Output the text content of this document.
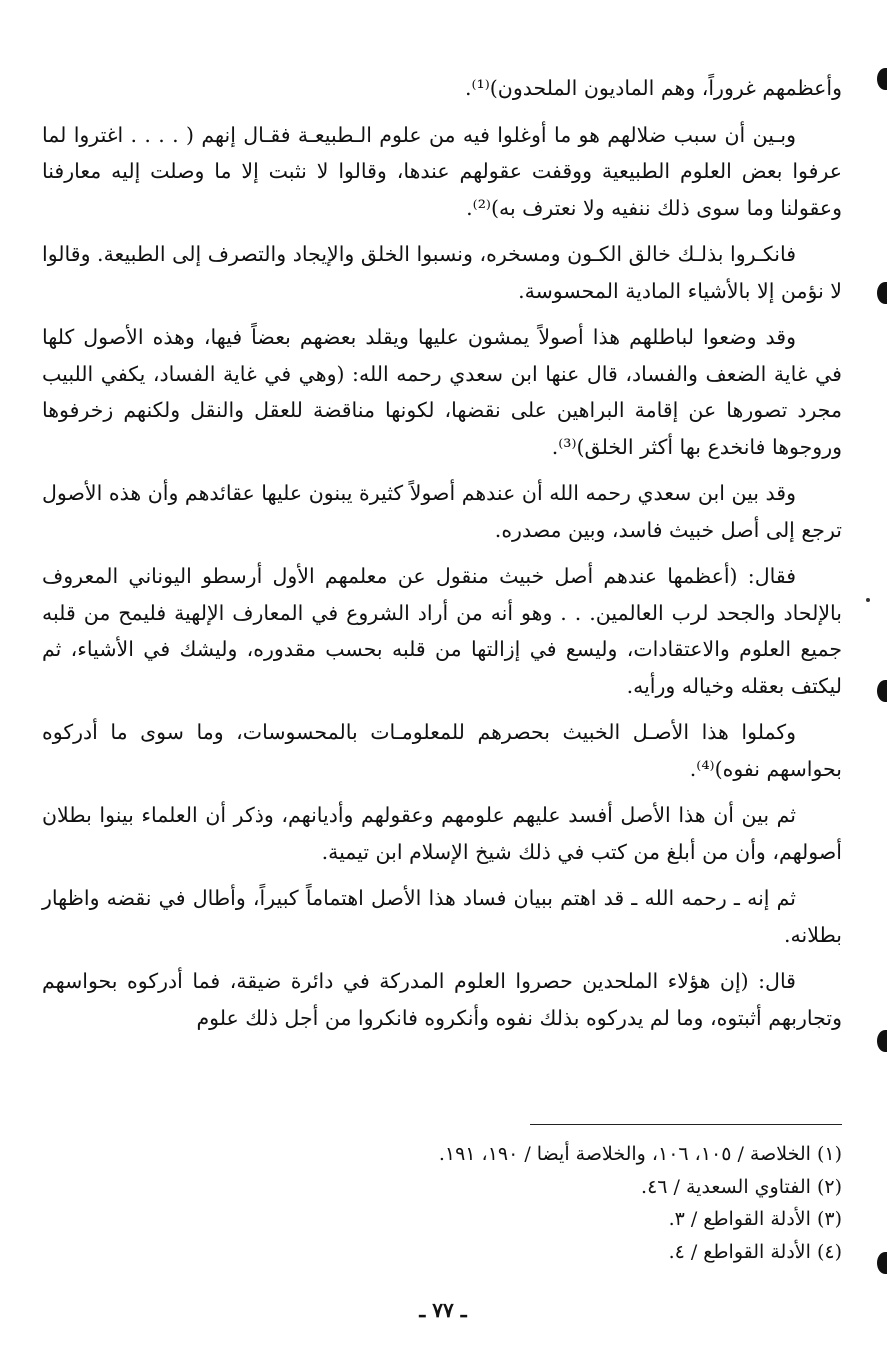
وأعظمهم غروراً، وهم الماديون الملحدون)⁽¹⁾.

وبـين أن سبب ضلالهم هو ما أوغلوا فيه من علوم الـطبيعـة فقـال إنهم ( . . . . اغتروا لما عرفوا بعض العلوم الطبيعية ووقفت عقولهم عندها، وقالوا لا نثبت إلا ما وصلت إليه معارفنا وعقولنا وما سوى ذلك ننفيه ولا نعترف به)⁽²⁾.

فانكـروا بذلـك خالق الكـون ومسخره، ونسبوا الخلق والإيجاد والتصرف إلى الطبيعة. وقالوا لا نؤمن إلا بالأشياء المادية المحسوسة.

وقد وضعوا لباطلهم هذا أصولاً يمشون عليها ويقلد بعضهم بعضاً فيها، وهذه الأصول كلها في غاية الضعف والفساد، قال عنها ابن سعدي رحمه الله: (وهي في غاية الفساد، يكفي اللبيب مجرد تصورها عن إقامة البراهين على نقضها، لكونها مناقضة للعقل والنقل ولكنهم زخرفوها وروجوها فانخدع بها أكثر الخلق)⁽³⁾.

وقد بين ابن سعدي رحمه الله أن عندهم أصولاً كثيرة يبنون عليها عقائدهم وأن هذه الأصول ترجع إلى أصل خبيث فاسد، وبين مصدره.

فقال: (أعظمها عندهم أصل خبيث منقول عن معلمهم الأول أرسطو اليوناني المعروف بالإلحاد والجحد لرب العالمين. . . وهو أنه من أراد الشروع في المعارف الإلهية فليمح من قلبه جميع العلوم والاعتقادات، وليسع في إزالتها من قلبه بحسب مقدوره، وليشك في الأشياء، ثم ليكتف بعقله وخياله ورأيه.

وكملوا هذا الأصـل الخبيث بحصرهم للمعلومـات بالمحسوسات، وما سوى ما أدركوه بحواسهم نفوه)⁽⁴⁾.

ثم بين أن هذا الأصل أفسد عليهم علومهم وعقولهم وأديانهم، وذكر أن العلماء بينوا بطلان أصولهم، وأن من أبلغ من كتب في ذلك شيخ الإسلام ابن تيمية.

ثم إنه ـ رحمه الله ـ قد اهتم ببيان فساد هذا الأصل اهتماماً كبيراً، وأطال في نقضه واظهار بطلانه.

قال: (إن هؤلاء الملحدين حصروا العلوم المدركة في دائرة ضيقة، فما أدركوه بحواسهم وتجاربهم أثبتوه، وما لم يدركوه بذلك نفوه وأنكروه فانكروا من أجل ذلك علوم

(١) الخلاصة / ١٠٥، ١٠٦، والخلاصة أيضا / ١٩٠، ١٩١.
(٢) الفتاوي السعدية / ٤٦.
(٣) الأدلة القواطع / ٣.
(٤) الأدلة القواطع / ٤.
ـ ٧٧ ـ
